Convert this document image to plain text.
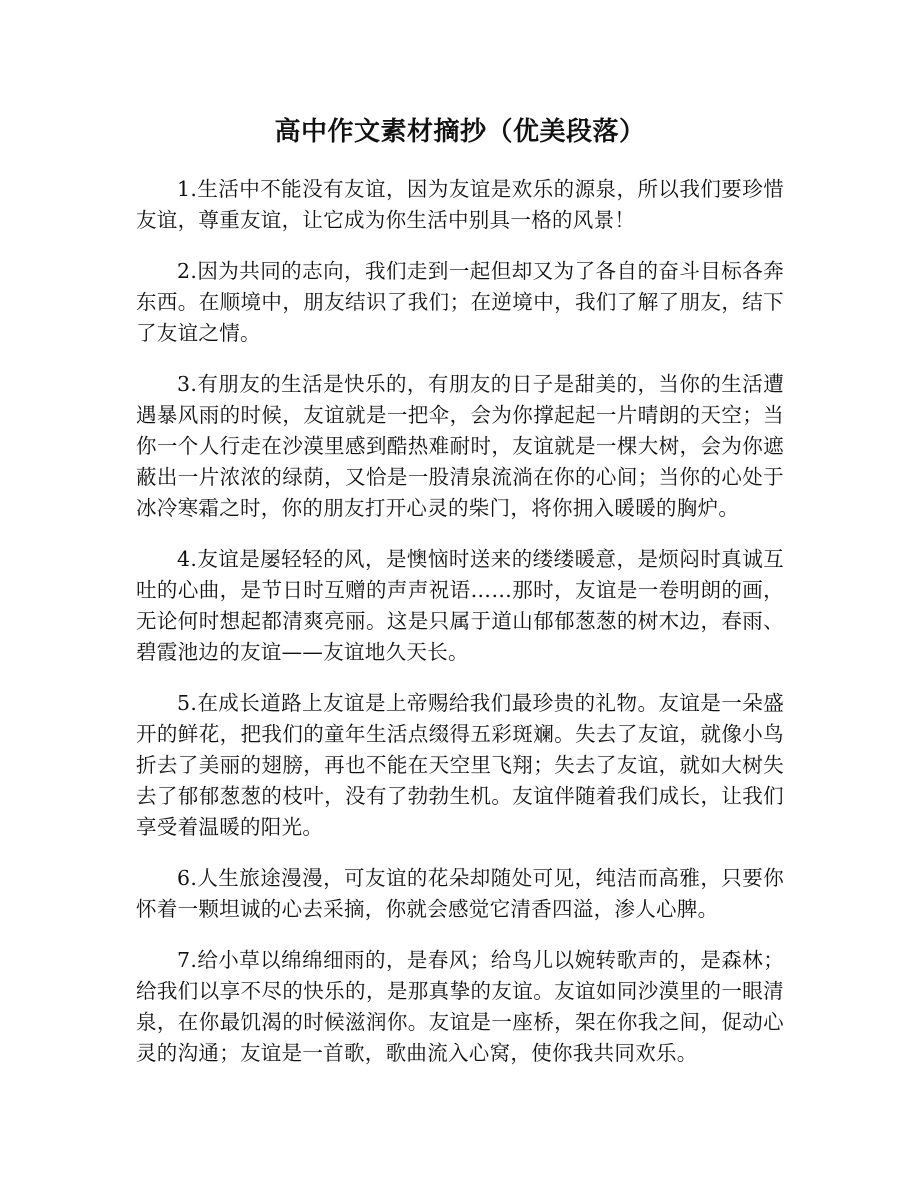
高中作文素材摘抄（优美段落）

1.生活中不能没有友谊，因为友谊是欢乐的源泉，所以我们要珍惜友谊，尊重友谊，让它成为你生活中别具一格的风景！

2.因为共同的志向，我们走到一起但却又为了各自的奋斗目标各奔东西。在顺境中，朋友结识了我们；在逆境中，我们了解了朋友，结下了友谊之情。

3.有朋友的生活是快乐的，有朋友的日子是甜美的，当你的生活遭遇暴风雨的时候，友谊就是一把伞，会为你撑起起一片晴朗的天空；当你一个人行走在沙漠里感到酷热难耐时，友谊就是一棵大树，会为你遮蔽出一片浓浓的绿荫，又恰是一股清泉流淌在你的心间；当你的心处于冰冷寒霜之时，你的朋友打开心灵的柴门，将你拥入暖暖的胸炉。

4.友谊是屡轻轻的风，是懊恼时送来的缕缕暖意，是烦闷时真诚互吐的心曲，是节日时互赠的声声祝语……那时，友谊是一卷明朗的画，无论何时想起都清爽亮丽。这是只属于道山郁郁葱葱的树木边，春雨、碧霞池边的友谊——友谊地久天长。

5.在成长道路上友谊是上帝赐给我们最珍贵的礼物。友谊是一朵盛开的鲜花，把我们的童年生活点缀得五彩斑斓。失去了友谊，就像小鸟折去了美丽的翅膀，再也不能在天空里飞翔；失去了友谊，就如大树失去了郁郁葱葱的枝叶，没有了勃勃生机。友谊伴随着我们成长，让我们享受着温暖的阳光。

6.人生旅途漫漫，可友谊的花朵却随处可见，纯洁而高雅，只要你怀着一颗坦诚的心去采摘，你就会感觉它清香四溢，渗人心脾。

7.给小草以绵绵细雨的，是春风；给鸟儿以婉转歌声的，是森林；给我们以享不尽的快乐的，是那真挚的友谊。友谊如同沙漠里的一眼清泉，在你最饥渴的时候滋润你。友谊是一座桥，架在你我之间，促动心灵的沟通；友谊是一首歌，歌曲流入心窝，使你我共同欢乐。
